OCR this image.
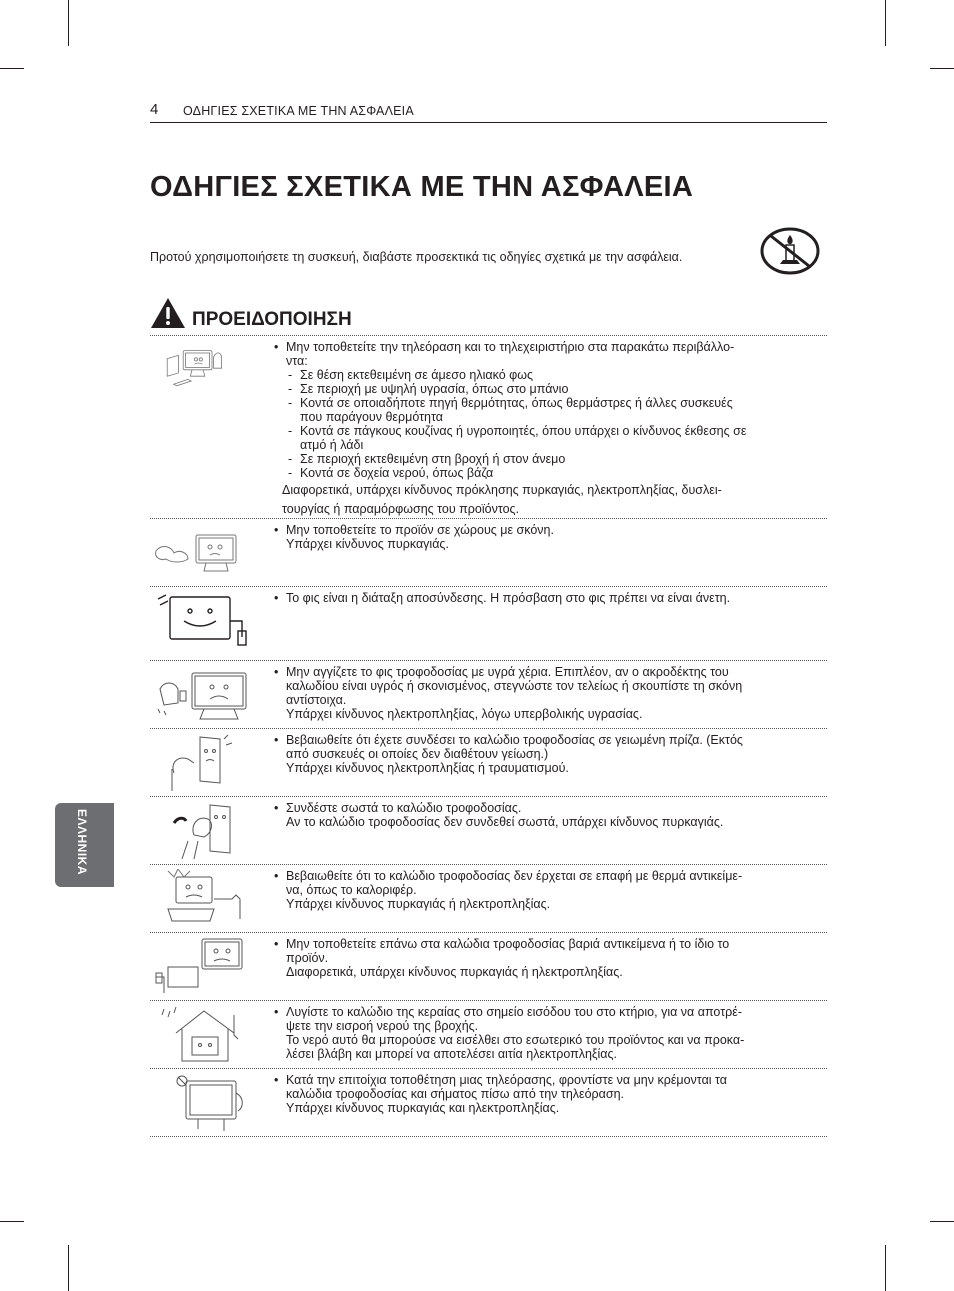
4 ΟΔΗΓΙΕΣ ΣΧΕΤΙΚΑ ΜΕ ΤΗΝ ΑΣΦΑΛΕΙΑ
ΟΔΗΓΙΕΣ ΣΧΕΤΙΚΑ ΜΕ ΤΗΝ ΑΣΦΑΛΕΙΑ
Προτού χρησιμοποιήσετε τη συσκευή, διαβάστε προσεκτικά τις οδηγίες σχετικά με την ασφάλεια.
ΕΛΛΗΝΙΚΑ
ΠΡΟΕΙΔΟΠΟΙΗΣΗ
• Μην τοποθετείτε την τηλεόραση και το τηλεχειριστήριο στα παρακάτω περιβάλλο-
ντα:
- Σε θέση εκτεθειμένη σε άμεσο ηλιακό φως
- Σε περιοχή με υψηλή υγρασία, όπως στο μπάνιο
- Κοντά σε οποιαδήποτε πηγή θερμότητας, όπως θερμάστρες ή άλλες συσκευές
που παράγουν θερμότητα
- Κοντά σε πάγκους κουζίνας ή υγροποιητές, όπου υπάρχει ο κίνδυνος έκθεσης σε
ατμό ή λάδι
- Σε περιοχή εκτεθειμένη στη βροχή ή στον άνεμο
- Κοντά σε δοχεία νερού, όπως βάζα
Διαφορετικά, υπάρχει κίνδυνος πρόκλησης πυρκαγιάς, ηλεκτροπληξίας, δυσλει-
τουργίας ή παραμόρφωσης του προϊόντος.
• Μην τοποθετείτε το προϊόν σε χώρους με σκόνη.
Υπάρχει κίνδυνος πυρκαγιάς.
• Το φις είναι η διάταξη αποσύνδεσης. Η πρόσβαση στο φις πρέπει να είναι άνετη.
• Μην αγγίζετε το φις τροφοδοσίας με υγρά χέρια. Επιπλέον, αν ο ακροδέκτης του
καλωδίου είναι υγρός ή σκονισμένος, στεγνώστε τον τελείως ή σκουπίστε τη σκόνη
αντίστοιχα.
Υπάρχει κίνδυνος ηλεκτροπληξίας, λόγω υπερβολικής υγρασίας.
• Βεβαιωθείτε ότι έχετε συνδέσει το καλώδιο τροφοδοσίας σε γειωμένη πρίζα. (Εκτός
από συσκευές οι οποίες δεν διαθέτουν γείωση.)
Υπάρχει κίνδυνος ηλεκτροπληξίας ή τραυματισμού.
• Συνδέστε σωστά το καλώδιο τροφοδοσίας.
Αν το καλώδιο τροφοδοσίας δεν συνδεθεί σωστά, υπάρχει κίνδυνος πυρκαγιάς.
• Βεβαιωθείτε ότι το καλώδιο τροφοδοσίας δεν έρχεται σε επαφή με θερμά αντικείμε-
να, όπως το καλοριφέρ.
Υπάρχει κίνδυνος πυρκαγιάς ή ηλεκτροπληξίας.
• Μην τοποθετείτε επάνω στα καλώδια τροφοδοσίας βαριά αντικείμενα ή το ίδιο το
προϊόν.
Διαφορετικά, υπάρχει κίνδυνος πυρκαγιάς ή ηλεκτροπληξίας.
• Λυγίστε το καλώδιο της κεραίας στο σημείο εισόδου του στο κτήριο, για να αποτρέ-
ψετε την εισροή νερού της βροχής.
Το νερό αυτό θα μπορούσε να εισέλθει στο εσωτερικό του προϊόντος και να προκα-
λέσει βλάβη και μπορεί να αποτελέσει αιτία ηλεκτροπληξίας.
• Κατά την επιτοίχια τοποθέτηση μιας τηλεόρασης, φροντίστε να μην κρέμονται τα
καλώδια τροφοδοσίας και σήματος πίσω από την τηλεόραση.
Υπάρχει κίνδυνος πυρκαγιάς και ηλεκτροπληξίας.
